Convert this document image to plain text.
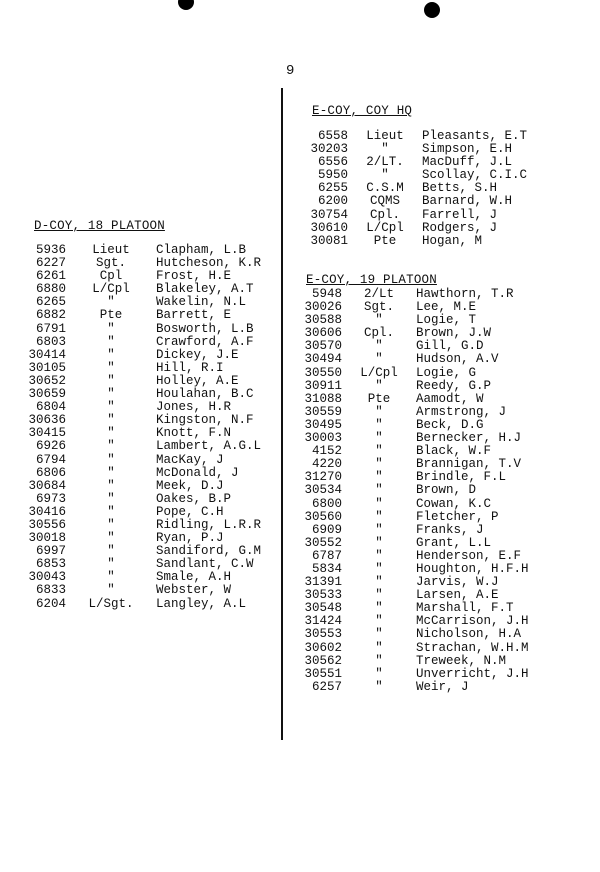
9
D-COY, 18 PLATOON
5936	Lieut	Clapham, L.B
6227	Sgt.	Hutcheson, K.R
6261	Cpl	Frost, H.E
6880	L/Cpl	Blakeley, A.T
6265	"	Wakelin, N.L
6882	Pte	Barrett, E
6791	"	Bosworth, L.B
6803	"	Crawford, A.F
30414	"	Dickey, J.E
30105	"	Hill, R.I
30652	"	Holley, A.E
30659	"	Houlahan, B.C
6804	"	Jones, H.R
30636	"	Kingston, N.F
30415	"	Knott, F.N
6926	"	Lambert, A.G.L
6794	"	MacKay, J
6806	"	McDonald, J
30684	"	Meek, D.J
6973	"	Oakes, B.P
30416	"	Pope, C.H
30556	"	Ridling, L.R.R
30018	"	Ryan, P.J
6997	"	Sandiford, G.M
6853	"	Sandlant, C.W
30043	"	Smale, A.H
6833	"	Webster, W
6204	L/Sgt.	Langley, A.L
E-COY, COY HQ
6558	Lieut	Pleasants, E.T
30203	"	Simpson, E.H
6556	2/LT.	MacDuff, J.L
5950	"	Scollay, C.I.C
6255	C.S.M	Betts, S.H
6200	CQMS	Barnard, W.H
30754	Cpl.	Farrell, J
30610	L/Cpl	Rodgers, J
30081	Pte	Hogan, M
E-COY, 19 PLATOON
5948	2/Lt	Hawthorn, T.R
30026	Sgt.	Lee, M.E
30588	"	Logie, T
30606	Cpl.	Brown, J.W
30570	"	Gill, G.D
30494	"	Hudson, A.V
30550	L/Cpl	Logie, G
30911	"	Reedy, G.P
31088	Pte	Aamodt, W
30559	"	Armstrong, J
30495	"	Beck, D.G
30003	"	Bernecker, H.J
4152	"	Black, W.F
4220	"	Brannigan, T.V
31270	"	Brindle, F.L
30534	"	Brown, D
6800	"	Cowan, K.C
30560	"	Fletcher, P
6909	"	Franks, J
30552	"	Grant, L.L
6787	"	Henderson, E.F
5834	"	Houghton, H.F.H
31391	"	Jarvis, W.J
30533	"	Larsen, A.E
30548	"	Marshall, F.T
31424	"	McCarrison, J.H
30553	"	Nicholson, H.A
30602	"	Strachan, W.H.M
30562	"	Treweek, N.M
30551	"	Unverricht, J.H
6257	"	Weir, J
